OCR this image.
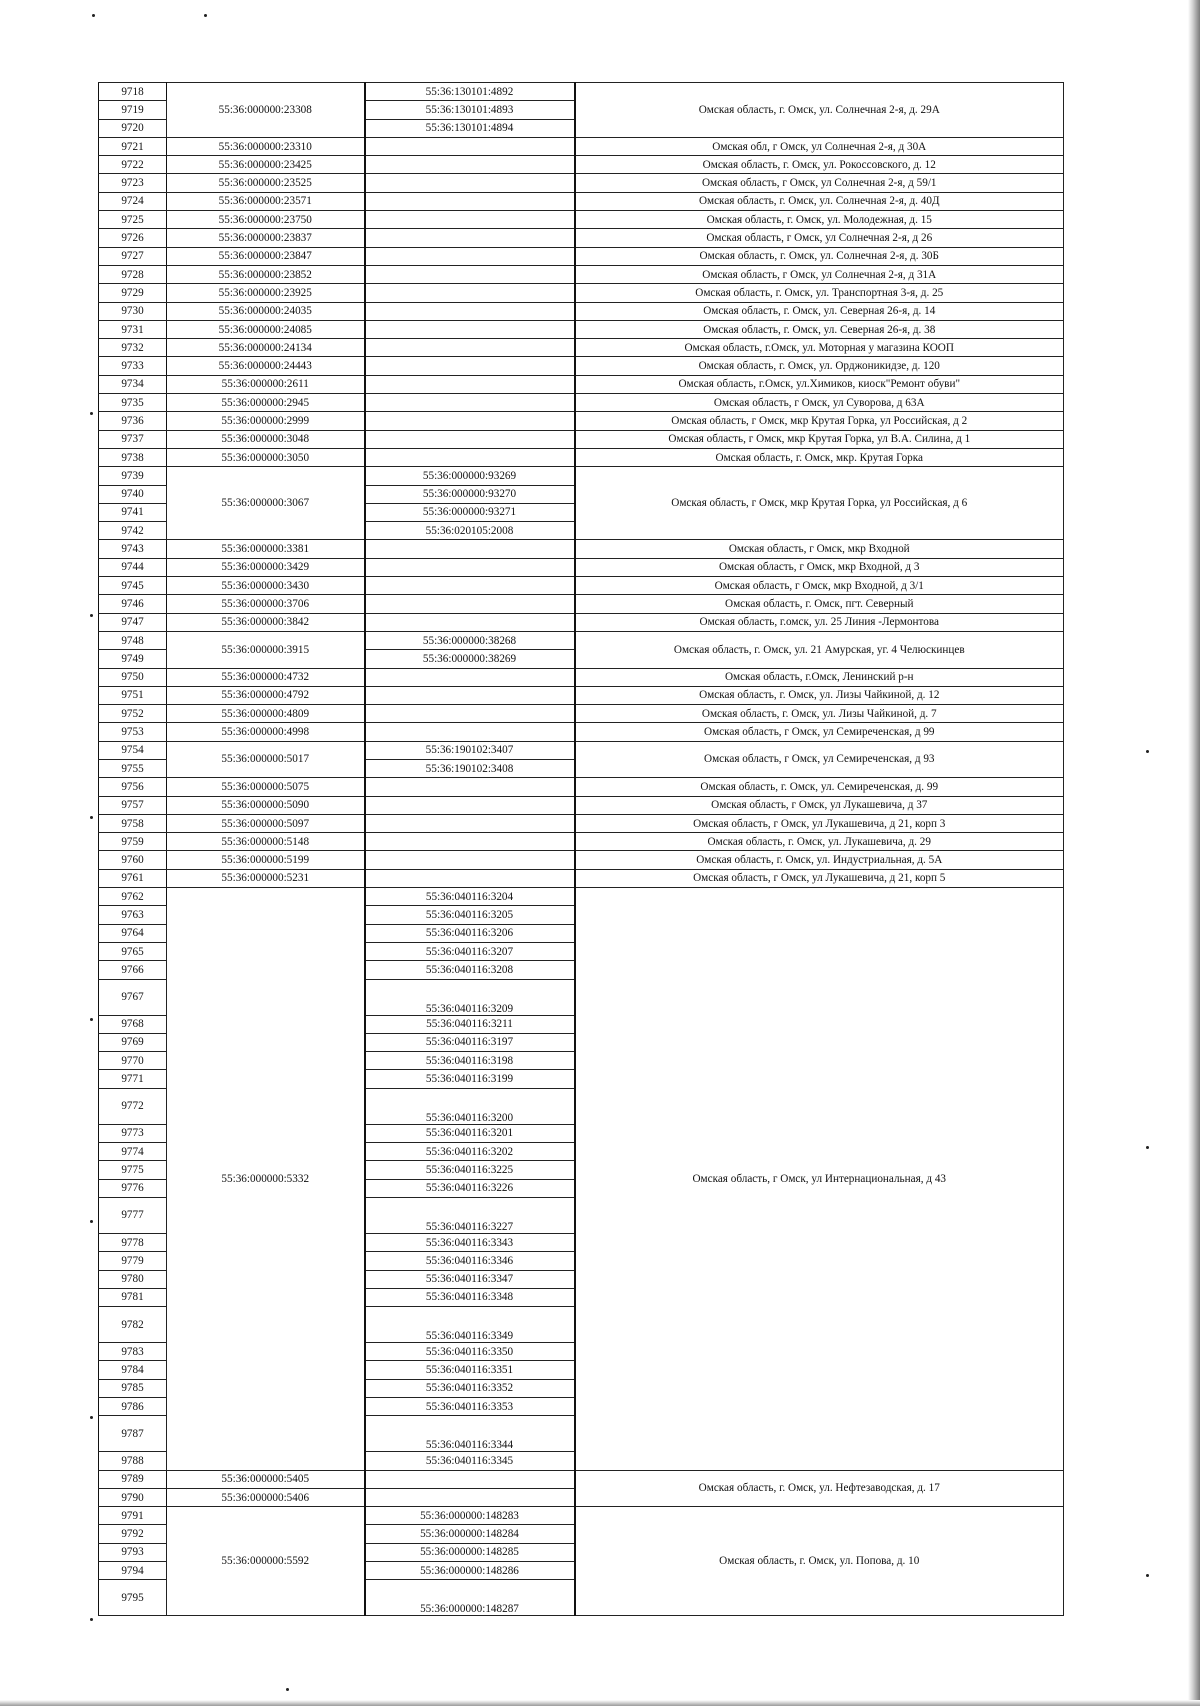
9718	55:36:000000:23308	55:36:130101:4892	Омская область, г. Омск, ул. Солнечная 2-я, д. 29А
9719		55:36:130101:4893	
9720		55:36:130101:4894	
9721	55:36:000000:23310		Омская обл, г Омск, ул Солнечная 2-я, д 30А
9722	55:36:000000:23425		Омская область, г. Омск, ул. Рокоссовского, д. 12
9723	55:36:000000:23525		Омская область, г Омск, ул Солнечная 2-я, д 59/1
9724	55:36:000000:23571		Омская область, г. Омск, ул. Солнечная 2-я, д. 40Д
9725	55:36:000000:23750		Омская область, г. Омск, ул. Молодежная, д. 15
9726	55:36:000000:23837		Омская область, г Омск, ул Солнечная 2-я, д 26
9727	55:36:000000:23847		Омская область, г. Омск, ул. Солнечная 2-я, д. 30Б
9728	55:36:000000:23852		Омская область, г Омск, ул Солнечная 2-я, д 31А
9729	55:36:000000:23925		Омская область, г. Омск, ул. Транспортная 3-я, д. 25
9730	55:36:000000:24035		Омская область, г. Омск, ул. Северная 26-я, д. 14
9731	55:36:000000:24085		Омская область, г. Омск, ул. Северная 26-я, д. 38
9732	55:36:000000:24134		Омская область, г.Омск, ул. Моторная у магазина КООП
9733	55:36:000000:24443		Омская область, г. Омск, ул. Орджоникидзе, д. 120
9734	55:36:000000:2611		Омская область, г.Омск, ул.Химиков, киоск"Ремонт обуви"
9735	55:36:000000:2945		Омская область, г Омск, ул Суворова, д 63А
9736	55:36:000000:2999		Омская область, г Омск, мкр Крутая Горка, ул Российская, д 2
9737	55:36:000000:3048		Омская область, г Омск, мкр Крутая Горка, ул В.А. Силина, д 1
9738	55:36:000000:3050		Омская область, г. Омск, мкр. Крутая Горка
9739	55:36:000000:3067	55:36:000000:93269	Омская область, г Омск, мкр Крутая Горка, ул Российская, д 6
9740		55:36:000000:93270	
9741		55:36:000000:93271	
9742		55:36:020105:2008	
9743	55:36:000000:3381		Омская область, г Омск, мкр Входной
9744	55:36:000000:3429		Омская область, г Омск, мкр Входной, д 3
9745	55:36:000000:3430		Омская область, г Омск, мкр Входной, д 3/1
9746	55:36:000000:3706		Омская область, г. Омск, пгт. Северный
9747	55:36:000000:3842		Омская область, г.омск, ул. 25 Линия -Лермонтова
9748	55:36:000000:3915	55:36:000000:38268	Омская область, г. Омск, ул. 21 Амурская, уг. 4 Челюскинцев
9749		55:36:000000:38269	
9750	55:36:000000:4732		Омская область, г.Омск, Ленинский р-н
9751	55:36:000000:4792		Омская область, г. Омск, ул. Лизы Чайкиной, д. 12
9752	55:36:000000:4809		Омская область, г. Омск, ул. Лизы Чайкиной, д. 7
9753	55:36:000000:4998		Омская область, г Омск, ул Семиреченская, д 99
9754	55:36:000000:5017	55:36:190102:3407	Омская область, г Омск, ул Семиреченская, д 93
9755		55:36:190102:3408	
9756	55:36:000000:5075		Омская область, г. Омск, ул. Семиреченская, д. 99
9757	55:36:000000:5090		Омская область, г Омск, ул Лукашевича, д 37
9758	55:36:000000:5097		Омская область, г Омск, ул Лукашевича, д 21, корп 3
9759	55:36:000000:5148		Омская область, г. Омск, ул. Лукашевича, д. 29
9760	55:36:000000:5199		Омская область, г. Омск, ул. Индустриальная, д. 5А
9761	55:36:000000:5231		Омская область, г Омск, ул Лукашевича, д 21, корп 5
9762	55:36:000000:5332	55:36:040116:3204	Омская область, г Омск, ул Интернациональная, д 43
9763		55:36:040116:3205	
9764		55:36:040116:3206	
9765		55:36:040116:3207	
9766		55:36:040116:3208	
9767		55:36:040116:3209	
9768		55:36:040116:3211	
9769		55:36:040116:3197	
9770		55:36:040116:3198	
9771		55:36:040116:3199	
9772		55:36:040116:3200	
9773		55:36:040116:3201	
9774		55:36:040116:3202	
9775		55:36:040116:3225	
9776		55:36:040116:3226	
9777		55:36:040116:3227	
9778		55:36:040116:3343	
9779		55:36:040116:3346	
9780		55:36:040116:3347	
9781		55:36:040116:3348	
9782		55:36:040116:3349	
9783		55:36:040116:3350	
9784		55:36:040116:3351	
9785		55:36:040116:3352	
9786		55:36:040116:3353	
9787		55:36:040116:3344	
9788		55:36:040116:3345	
9789	55:36:000000:5405		Омская область, г. Омск, ул. Нефтезаводская, д. 17
9790	55:36:000000:5406		
9791	55:36:000000:5592	55:36:000000:148283	Омская область, г. Омск, ул. Попова, д. 10
9792		55:36:000000:148284	
9793		55:36:000000:148285	
9794		55:36:000000:148286	
9795		55:36:000000:148287	
